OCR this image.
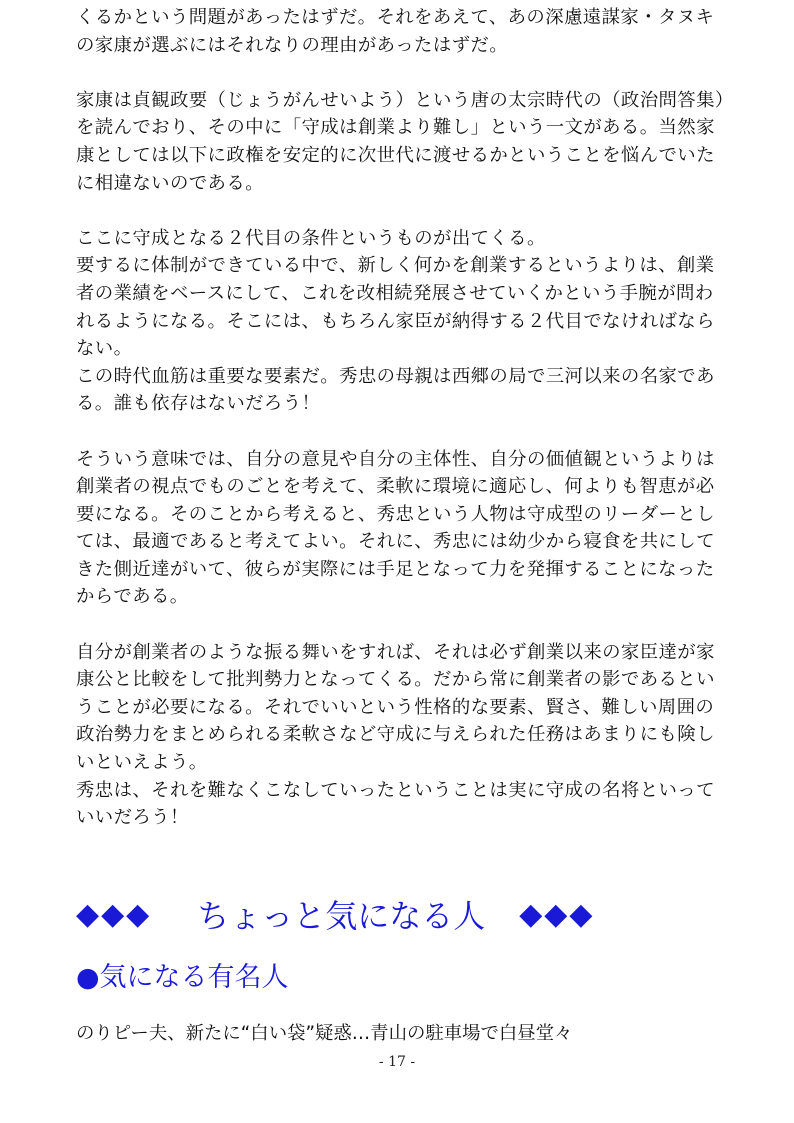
くるかという問題があったはずだ。それをあえて、あの深慮遠謀家・タヌキ
の家康が選ぶにはそれなりの理由があったはずだ。

家康は貞観政要（じょうがんせいよう）という唐の太宗時代の（政治問答集）
を読んでおり、その中に「守成は創業より難し」という一文がある。当然家
康としては以下に政権を安定的に次世代に渡せるかということを悩んでいた
に相違ないのである。

ここに守成となる２代目の条件というものが出てくる。
要するに体制ができている中で、新しく何かを創業するというよりは、創業
者の業績をベースにして、これを改相続発展させていくかという手腕が問わ
れるようになる。そこには、もちろん家臣が納得する２代目でなければなら
ない。
この時代血筋は重要な要素だ。秀忠の母親は西郷の局で三河以来の名家であ
る。誰も依存はないだろう！

そういう意味では、自分の意見や自分の主体性、自分の価値観というよりは
創業者の視点でものごとを考えて、柔軟に環境に適応し、何よりも智恵が必
要になる。そのことから考えると、秀忠という人物は守成型のリーダーとし
ては、最適であると考えてよい。それに、秀忠には幼少から寝食を共にして
きた側近達がいて、彼らが実際には手足となって力を発揮することになった
からである。

自分が創業者のような振る舞いをすれば、それは必ず創業以来の家臣達が家
康公と比較をして批判勢力となってくる。だから常に創業者の影であるとい
うことが必要になる。それでいいという性格的な要素、賢さ、難しい周囲の
政治勢力をまとめられる柔軟さなど守成に与えられた任務はあまりにも険し
いといえよう。
秀忠は、それを難なくこなしていったということは実に守成の名将といって
いいだろう！

◆◆◆ ちょっと気になる人 ◆◆◆
●気になる有名人
のりピー夫、新たに“白い袋”疑惑…青山の駐車場で白昼堂々
- 17 -
